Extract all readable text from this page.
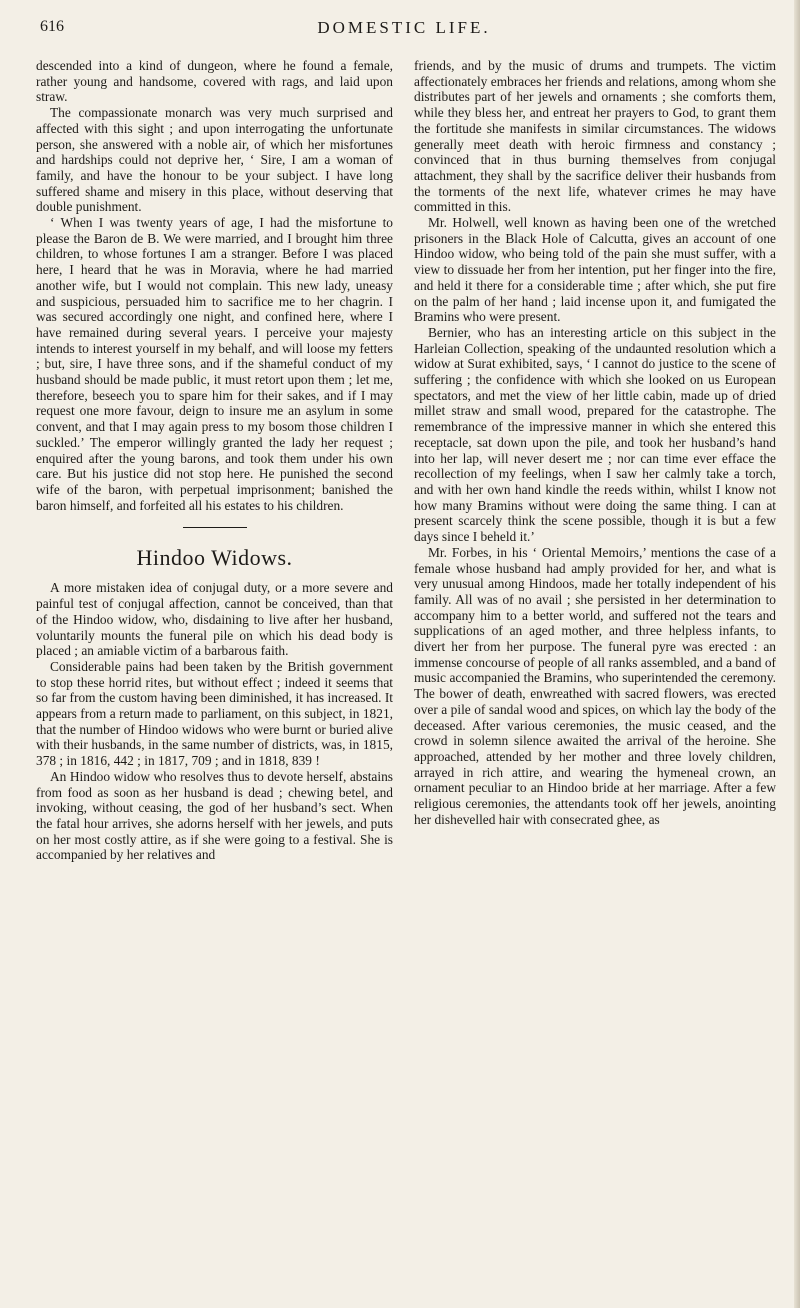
616	DOMESTIC LIFE.

descended into a kind of dungeon, where he found a female, rather young and handsome, covered with rags, and laid upon straw.

The compassionate monarch was very much surprised and affected with this sight ; and upon interrogating the unfortunate person, she answered with a noble air, of which her misfortunes and hardships could not deprive her, ‘ Sire, I am a woman of family, and have the honour to be your subject. I have long suffered shame and misery in this place, without deserving that double punishment.

‘ When I was twenty years of age, I had the misfortune to please the Baron de B. We were married, and I brought him three children, to whose fortunes I am a stranger. Before I was placed here, I heard that he was in Moravia, where he had married another wife, but I would not complain. This new lady, uneasy and suspicious, persuaded him to sacrifice me to her chagrin. I was secured accordingly one night, and confined here, where I have remained during several years. I perceive your majesty intends to interest yourself in my behalf, and will loose my fetters ; but, sire, I have three sons, and if the shameful conduct of my husband should be made public, it must retort upon them ; let me, therefore, beseech you to spare him for their sakes, and if I may request one more favour, deign to insure me an asylum in some convent, and that I may again press to my bosom those children I suckled.’ The emperor willingly granted the lady her request ; enquired after the young barons, and took them under his own care. But his justice did not stop here. He punished the second wife of the baron, with perpetual imprisonment; banished the baron himself, and forfeited all his estates to his children.

Hindoo Widows.

A more mistaken idea of conjugal duty, or a more severe and painful test of conjugal affection, cannot be conceived, than that of the Hindoo widow, who, disdaining to live after her husband, voluntarily mounts the funeral pile on which his dead body is placed ; an amiable victim of a barbarous faith.

Considerable pains had been taken by the British government to stop these horrid rites, but without effect ; indeed it seems that so far from the custom having been diminished, it has increased. It appears from a return made to parliament, on this subject, in 1821, that the number of Hindoo widows who were burnt or buried alive with their husbands, in the same number of districts, was, in 1815, 378 ; in 1816, 442 ; in 1817, 709 ; and in 1818, 839 !

An Hindoo widow who resolves thus to devote herself, abstains from food as soon as her husband is dead ; chewing betel, and invoking, without ceasing, the god of her husband’s sect. When the fatal hour arrives, she adorns herself with her jewels, and puts on her most costly attire, as if she were going to a festival. She is accompanied by her relatives and

friends, and by the music of drums and trumpets. The victim affectionately embraces her friends and relations, among whom she distributes part of her jewels and ornaments ; she comforts them, while they bless her, and entreat her prayers to God, to grant them the fortitude she manifests in similar circumstances. The widows generally meet death with heroic firmness and constancy ; convinced that in thus burning themselves from conjugal attachment, they shall by the sacrifice deliver their husbands from the torments of the next life, whatever crimes he may have committed in this.

Mr. Holwell, well known as having been one of the wretched prisoners in the Black Hole of Calcutta, gives an account of one Hindoo widow, who being told of the pain she must suffer, with a view to dissuade her from her intention, put her finger into the fire, and held it there for a considerable time ; after which, she put fire on the palm of her hand ; laid incense upon it, and fumigated the Bramins who were present.

Bernier, who has an interesting article on this subject in the Harleian Collection, speaking of the undaunted resolution which a widow at Surat exhibited, says, ‘ I cannot do justice to the scene of suffering ; the confidence with which she looked on us European spectators, and met the view of her little cabin, made up of dried millet straw and small wood, prepared for the catastrophe. The remembrance of the impressive manner in which she entered this receptacle, sat down upon the pile, and took her husband’s hand into her lap, will never desert me ; nor can time ever efface the recollection of my feelings, when I saw her calmly take a torch, and with her own hand kindle the reeds within, whilst I know not how many Bramins without were doing the same thing. I can at present scarcely think the scene possible, though it is but a few days since I beheld it.’

Mr. Forbes, in his ‘ Oriental Memoirs,’ mentions the case of a female whose husband had amply provided for her, and what is very unusual among Hindoos, made her totally independent of his family. All was of no avail ; she persisted in her determination to accompany him to a better world, and suffered not the tears and supplications of an aged mother, and three helpless infants, to divert her from her purpose. The funeral pyre was erected : an immense concourse of people of all ranks assembled, and a band of music accompanied the Bramins, who superintended the ceremony. The bower of death, enwreathed with sacred flowers, was erected over a pile of sandal wood and spices, on which lay the body of the deceased. After various ceremonies, the music ceased, and the crowd in solemn silence awaited the arrival of the heroine. She approached, attended by her mother and three lovely children, arrayed in rich attire, and wearing the hymeneal crown, an ornament peculiar to an Hindoo bride at her marriage. After a few religious ceremonies, the attendants took off her jewels, anointing her dishevelled hair with consecrated ghee, as
